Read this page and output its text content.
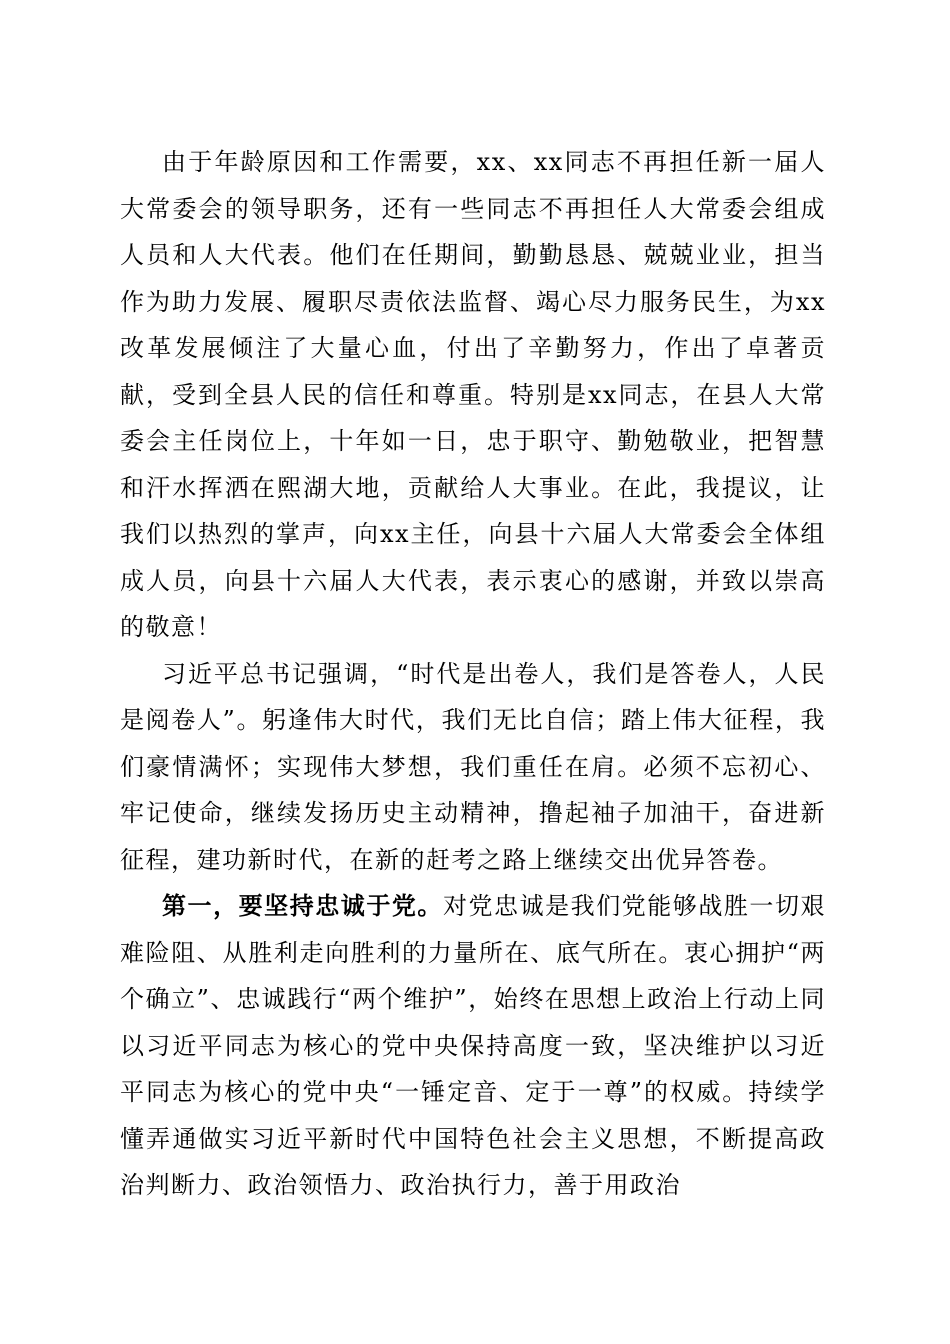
由于年龄原因和工作需要，xx、xx同志不再担任新一届人大常委会的领导职务，还有一些同志不再担任人大常委会组成人员和人大代表。他们在任期间，勤勤恳恳、兢兢业业，担当作为助力发展、履职尽责依法监督、竭心尽力服务民生，为xx改革发展倾注了大量心血，付出了辛勤努力，作出了卓著贡献，受到全县人民的信任和尊重。特别是xx同志，在县人大常委会主任岗位上，十年如一日，忠于职守、勤勉敬业，把智慧和汗水挥洒在熙湖大地，贡献给人大事业。在此，我提议，让我们以热烈的掌声，向xx主任，向县十六届人大常委会全体组成人员，向县十六届人大代表，表示衷心的感谢，并致以崇高的敬意！

习近平总书记强调，“时代是出卷人，我们是答卷人，人民是阅卷人”。躬逢伟大时代，我们无比自信；踏上伟大征程，我们豪情满怀；实现伟大梦想，我们重任在肩。必须不忘初心、牢记使命，继续发扬历史主动精神，撸起袖子加油干，奋进新征程，建功新时代，在新的赶考之路上继续交出优异答卷。

第一，要坚持忠诚于党。对党忠诚是我们党能够战胜一切艰难险阻、从胜利走向胜利的力量所在、底气所在。衷心拥护“两个确立”、忠诚践行“两个维护”，始终在思想上政治上行动上同以习近平同志为核心的党中央保持高度一致，坚决维护以习近平同志为核心的党中央“一锤定音、定于一尊”的权威。持续学懂弄通做实习近平新时代中国特色社会主义思想，不断提高政治判断力、政治领悟力、政治执行力，善于用政治
